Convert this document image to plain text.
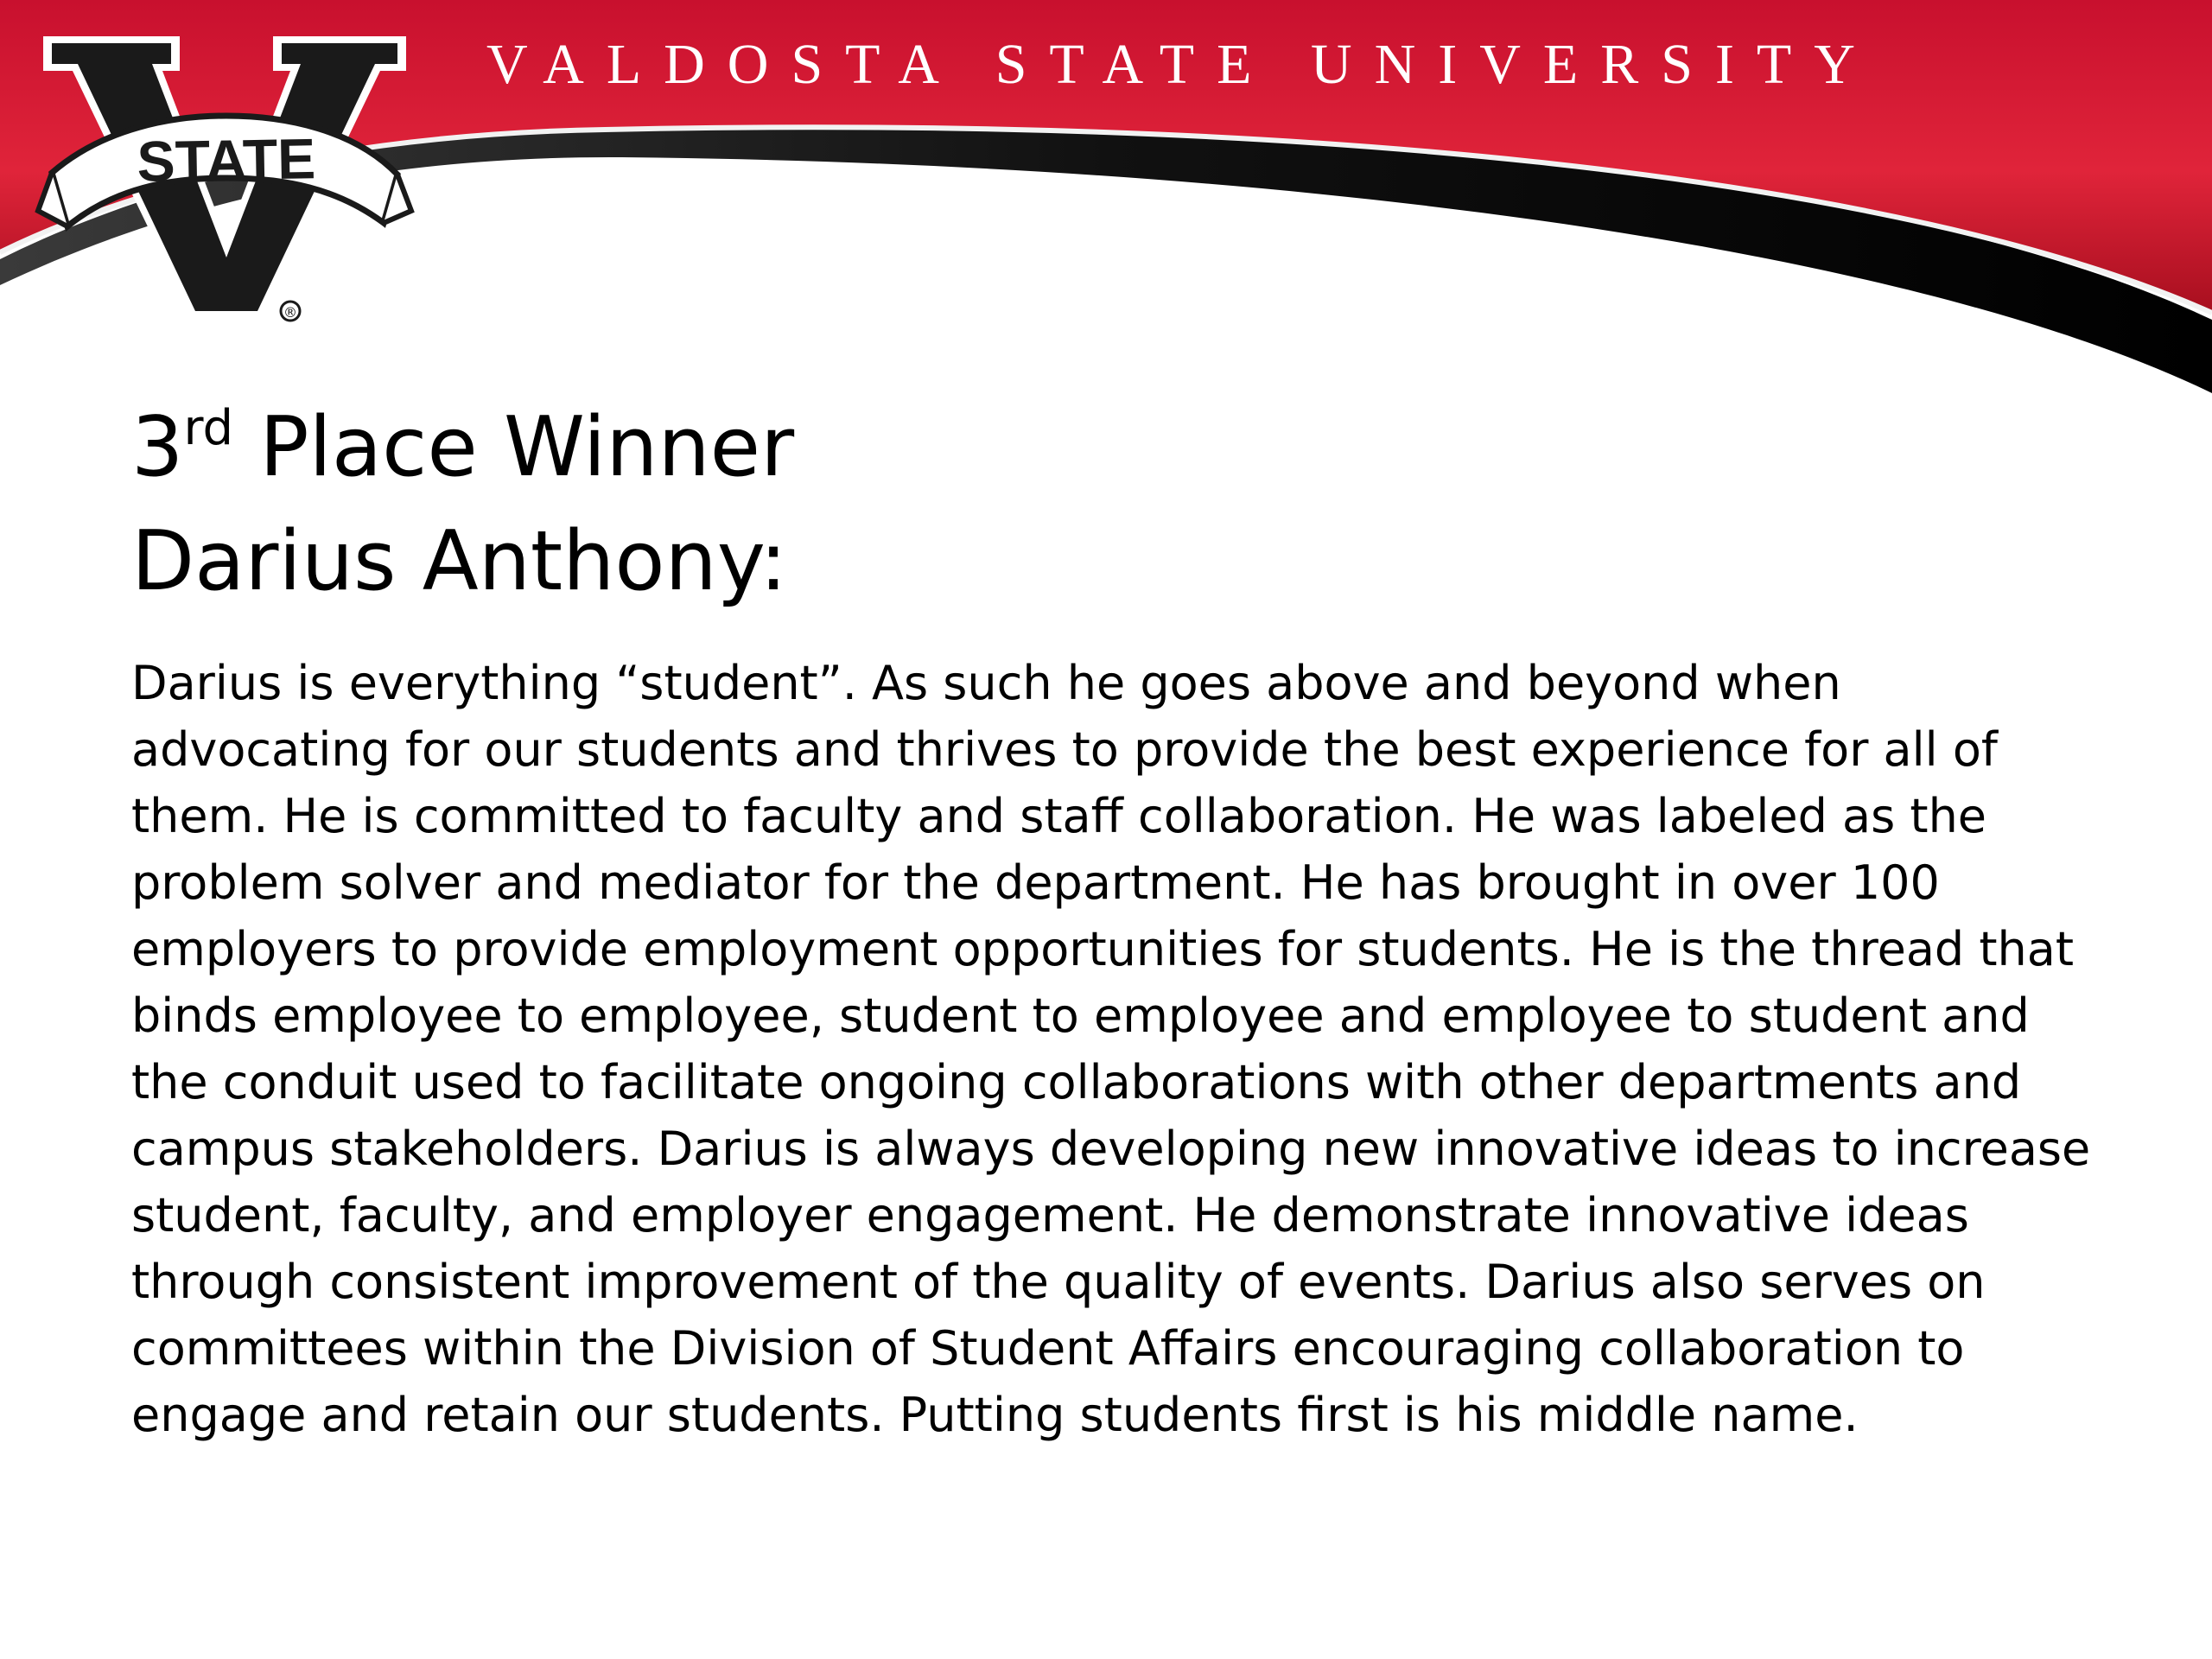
VALDOSTA STATE UNIVERSITY
STATE
®
3rd Place Winner
Darius Anthony:
Darius is everything “student”. As such he goes above and beyond when advocating for our students and thrives to provide the best experience for all of them. He is committed to faculty and staff collaboration. He was labeled as the problem solver and mediator for the department. He has brought in over 100 employers to provide employment opportunities for students. He is the thread that binds employee to employee, student to employee and employee to student and the conduit used to facilitate ongoing collaborations with other departments and campus stakeholders. Darius is always developing new innovative ideas to increase student, faculty, and employer engagement. He demonstrate innovative ideas through consistent improvement of the quality of events. Darius also serves on committees within the Division of Student Affairs encouraging collaboration to engage and retain our students. Putting students first is his middle name.
